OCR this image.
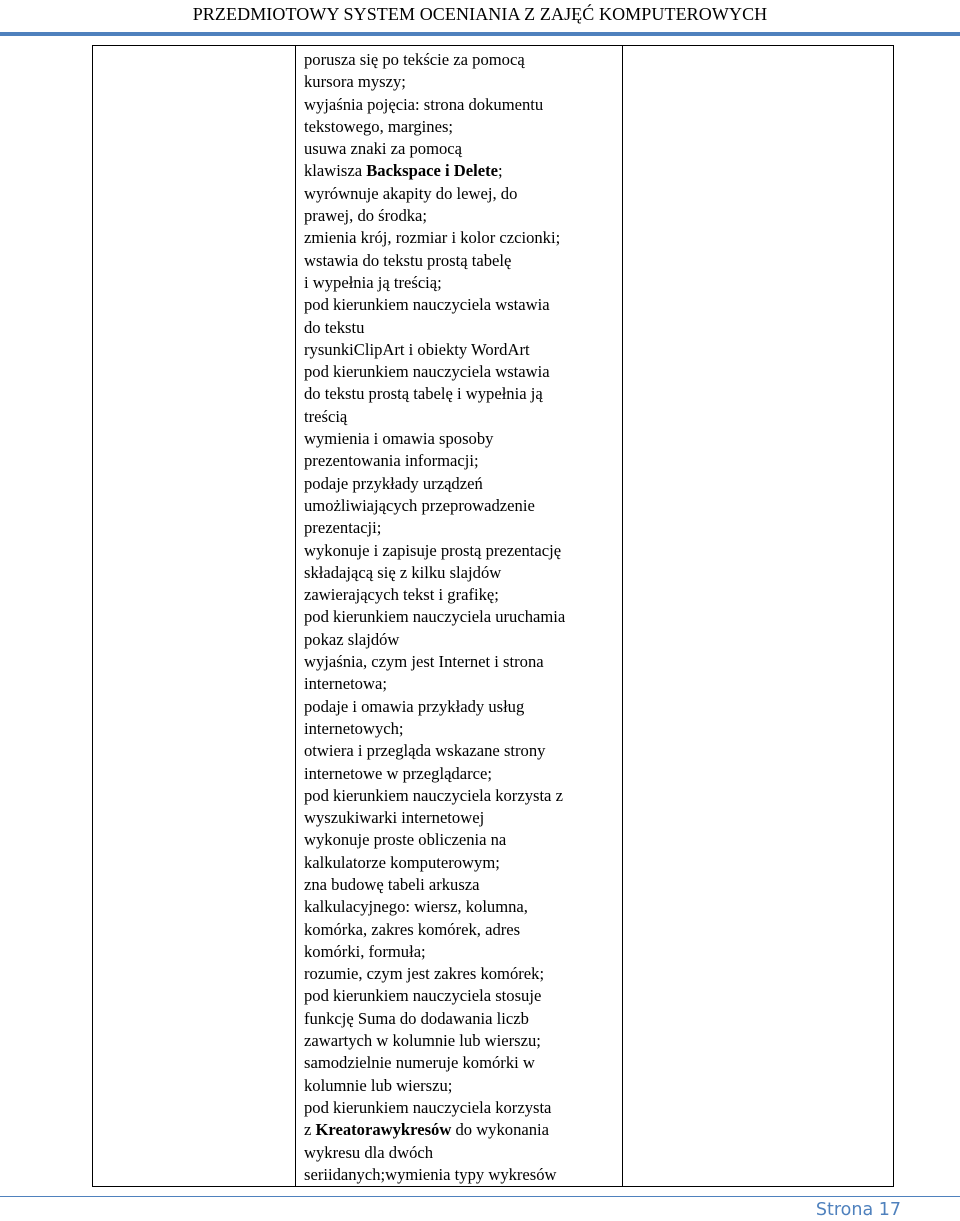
PRZEDMIOTOWY SYSTEM OCENIANIA Z ZAJĘĆ KOMPUTEROWYCH

porusza się po tekście za pomocą
kursora myszy;
wyjaśnia pojęcia: strona dokumentu
tekstowego, margines;
usuwa znaki za pomocą
klawisza Backspace i Delete;
wyrównuje akapity do lewej, do
prawej, do środka;
zmienia krój, rozmiar i kolor czcionki;
wstawia do tekstu prostą tabelę
i wypełnia ją treścią;
pod kierunkiem nauczyciela wstawia
do tekstu
rysunkiClipArt i obiekty WordArt
pod kierunkiem nauczyciela wstawia
do tekstu prostą tabelę i wypełnia ją
treścią
wymienia i omawia sposoby
prezentowania informacji;
podaje przykłady urządzeń
umożliwiających przeprowadzenie
prezentacji;
wykonuje i zapisuje prostą prezentację
składającą się z kilku slajdów
zawierających tekst i grafikę;
pod kierunkiem nauczyciela uruchamia
pokaz slajdów
wyjaśnia, czym jest Internet i strona
internetowa;
podaje i omawia przykłady usług
internetowych;
otwiera i przegląda wskazane strony
internetowe w przeglądarce;
pod kierunkiem nauczyciela korzysta z
wyszukiwarki internetowej
wykonuje proste obliczenia na
kalkulatorze komputerowym;
zna budowę tabeli arkusza
kalkulacyjnego: wiersz, kolumna,
komórka, zakres komórek, adres
komórki, formuła;
rozumie, czym jest zakres komórek;
pod kierunkiem nauczyciela stosuje
funkcję Suma do dodawania liczb
zawartych w kolumnie lub wierszu;
samodzielnie numeruje komórki w
kolumnie lub wierszu;
pod kierunkiem nauczyciela korzysta
z Kreatorawykresów do wykonania
wykresu dla dwóch
seriidanych;wymienia typy wykresów

Strona 17
